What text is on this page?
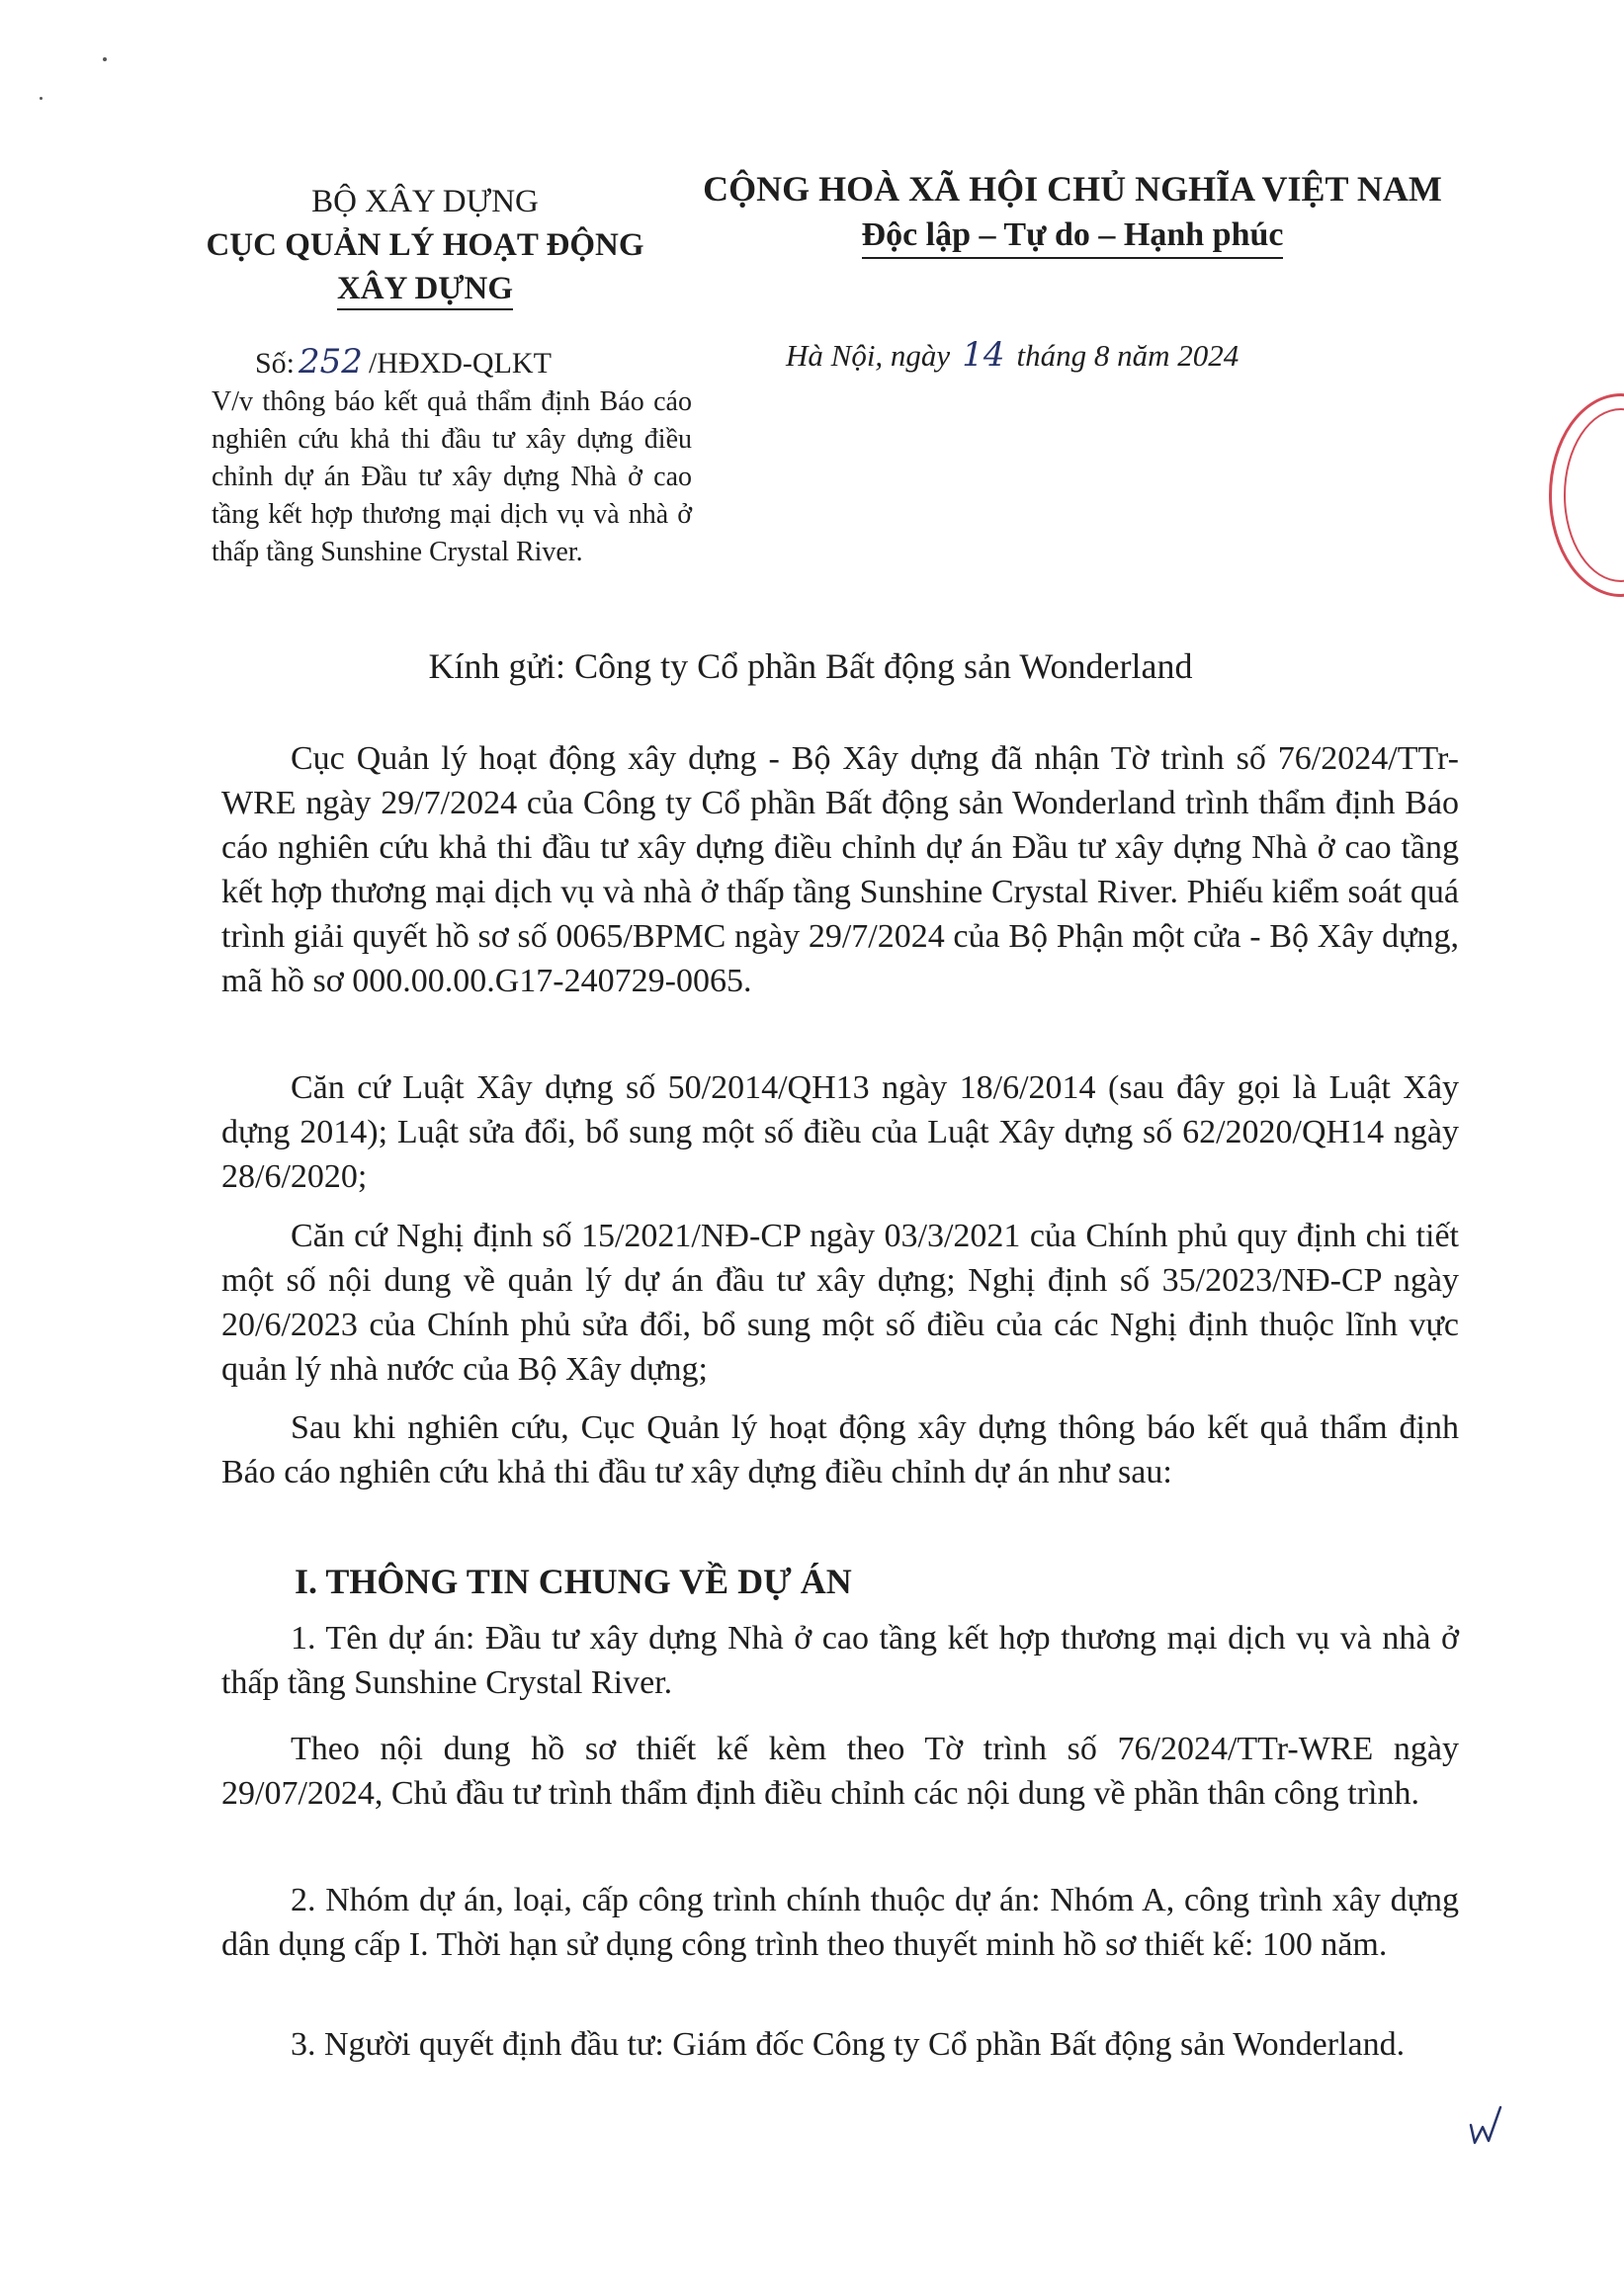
BỘ XÂY DỰNG
CỤC QUẢN LÝ HOẠT ĐỘNG
XÂY DỰNG
CỘNG HOÀ XÃ HỘI CHỦ NGHĨA VIỆT NAM
Độc lập – Tự do – Hạnh phúc
Số: 252 /HĐXD-QLKT	Hà Nội, ngày 14 tháng 8 năm 2024
V/v thông báo kết quả thẩm định Báo cáo nghiên cứu khả thi đầu tư xây dựng điều chỉnh dự án Đầu tư xây dựng Nhà ở cao tầng kết hợp thương mại dịch vụ và nhà ở thấp tầng Sunshine Crystal River.
Kính gửi: Công ty Cổ phần Bất động sản Wonderland

Cục Quản lý hoạt động xây dựng - Bộ Xây dựng đã nhận Tờ trình số 76/2024/TTr-WRE ngày 29/7/2024 của Công ty Cổ phần Bất động sản Wonderland trình thẩm định Báo cáo nghiên cứu khả thi đầu tư xây dựng điều chỉnh dự án Đầu tư xây dựng Nhà ở cao tầng kết hợp thương mại dịch vụ và nhà ở thấp tầng Sunshine Crystal River. Phiếu kiểm soát quá trình giải quyết hồ sơ số 0065/BPMC ngày 29/7/2024 của Bộ Phận một cửa - Bộ Xây dựng, mã hồ sơ 000.00.00.G17-240729-0065.

Căn cứ Luật Xây dựng số 50/2014/QH13 ngày 18/6/2014 (sau đây gọi là Luật Xây dựng 2014); Luật sửa đổi, bổ sung một số điều của Luật Xây dựng số 62/2020/QH14 ngày 28/6/2020;

Căn cứ Nghị định số 15/2021/NĐ-CP ngày 03/3/2021 của Chính phủ quy định chi tiết một số nội dung về quản lý dự án đầu tư xây dựng; Nghị định số 35/2023/NĐ-CP ngày 20/6/2023 của Chính phủ sửa đổi, bổ sung một số điều của các Nghị định thuộc lĩnh vực quản lý nhà nước của Bộ Xây dựng;

Sau khi nghiên cứu, Cục Quản lý hoạt động xây dựng thông báo kết quả thẩm định Báo cáo nghiên cứu khả thi đầu tư xây dựng điều chỉnh dự án như sau:

I. THÔNG TIN CHUNG VỀ DỰ ÁN

1. Tên dự án: Đầu tư xây dựng Nhà ở cao tầng kết hợp thương mại dịch vụ và nhà ở thấp tầng Sunshine Crystal River.

Theo nội dung hồ sơ thiết kế kèm theo Tờ trình số 76/2024/TTr-WRE ngày 29/07/2024, Chủ đầu tư trình thẩm định điều chỉnh các nội dung về phần thân công trình.

2. Nhóm dự án, loại, cấp công trình chính thuộc dự án: Nhóm A, công trình xây dựng dân dụng cấp I. Thời hạn sử dụng công trình theo thuyết minh hồ sơ thiết kế: 100 năm.

3. Người quyết định đầu tư: Giám đốc Công ty Cổ phần Bất động sản Wonderland.
